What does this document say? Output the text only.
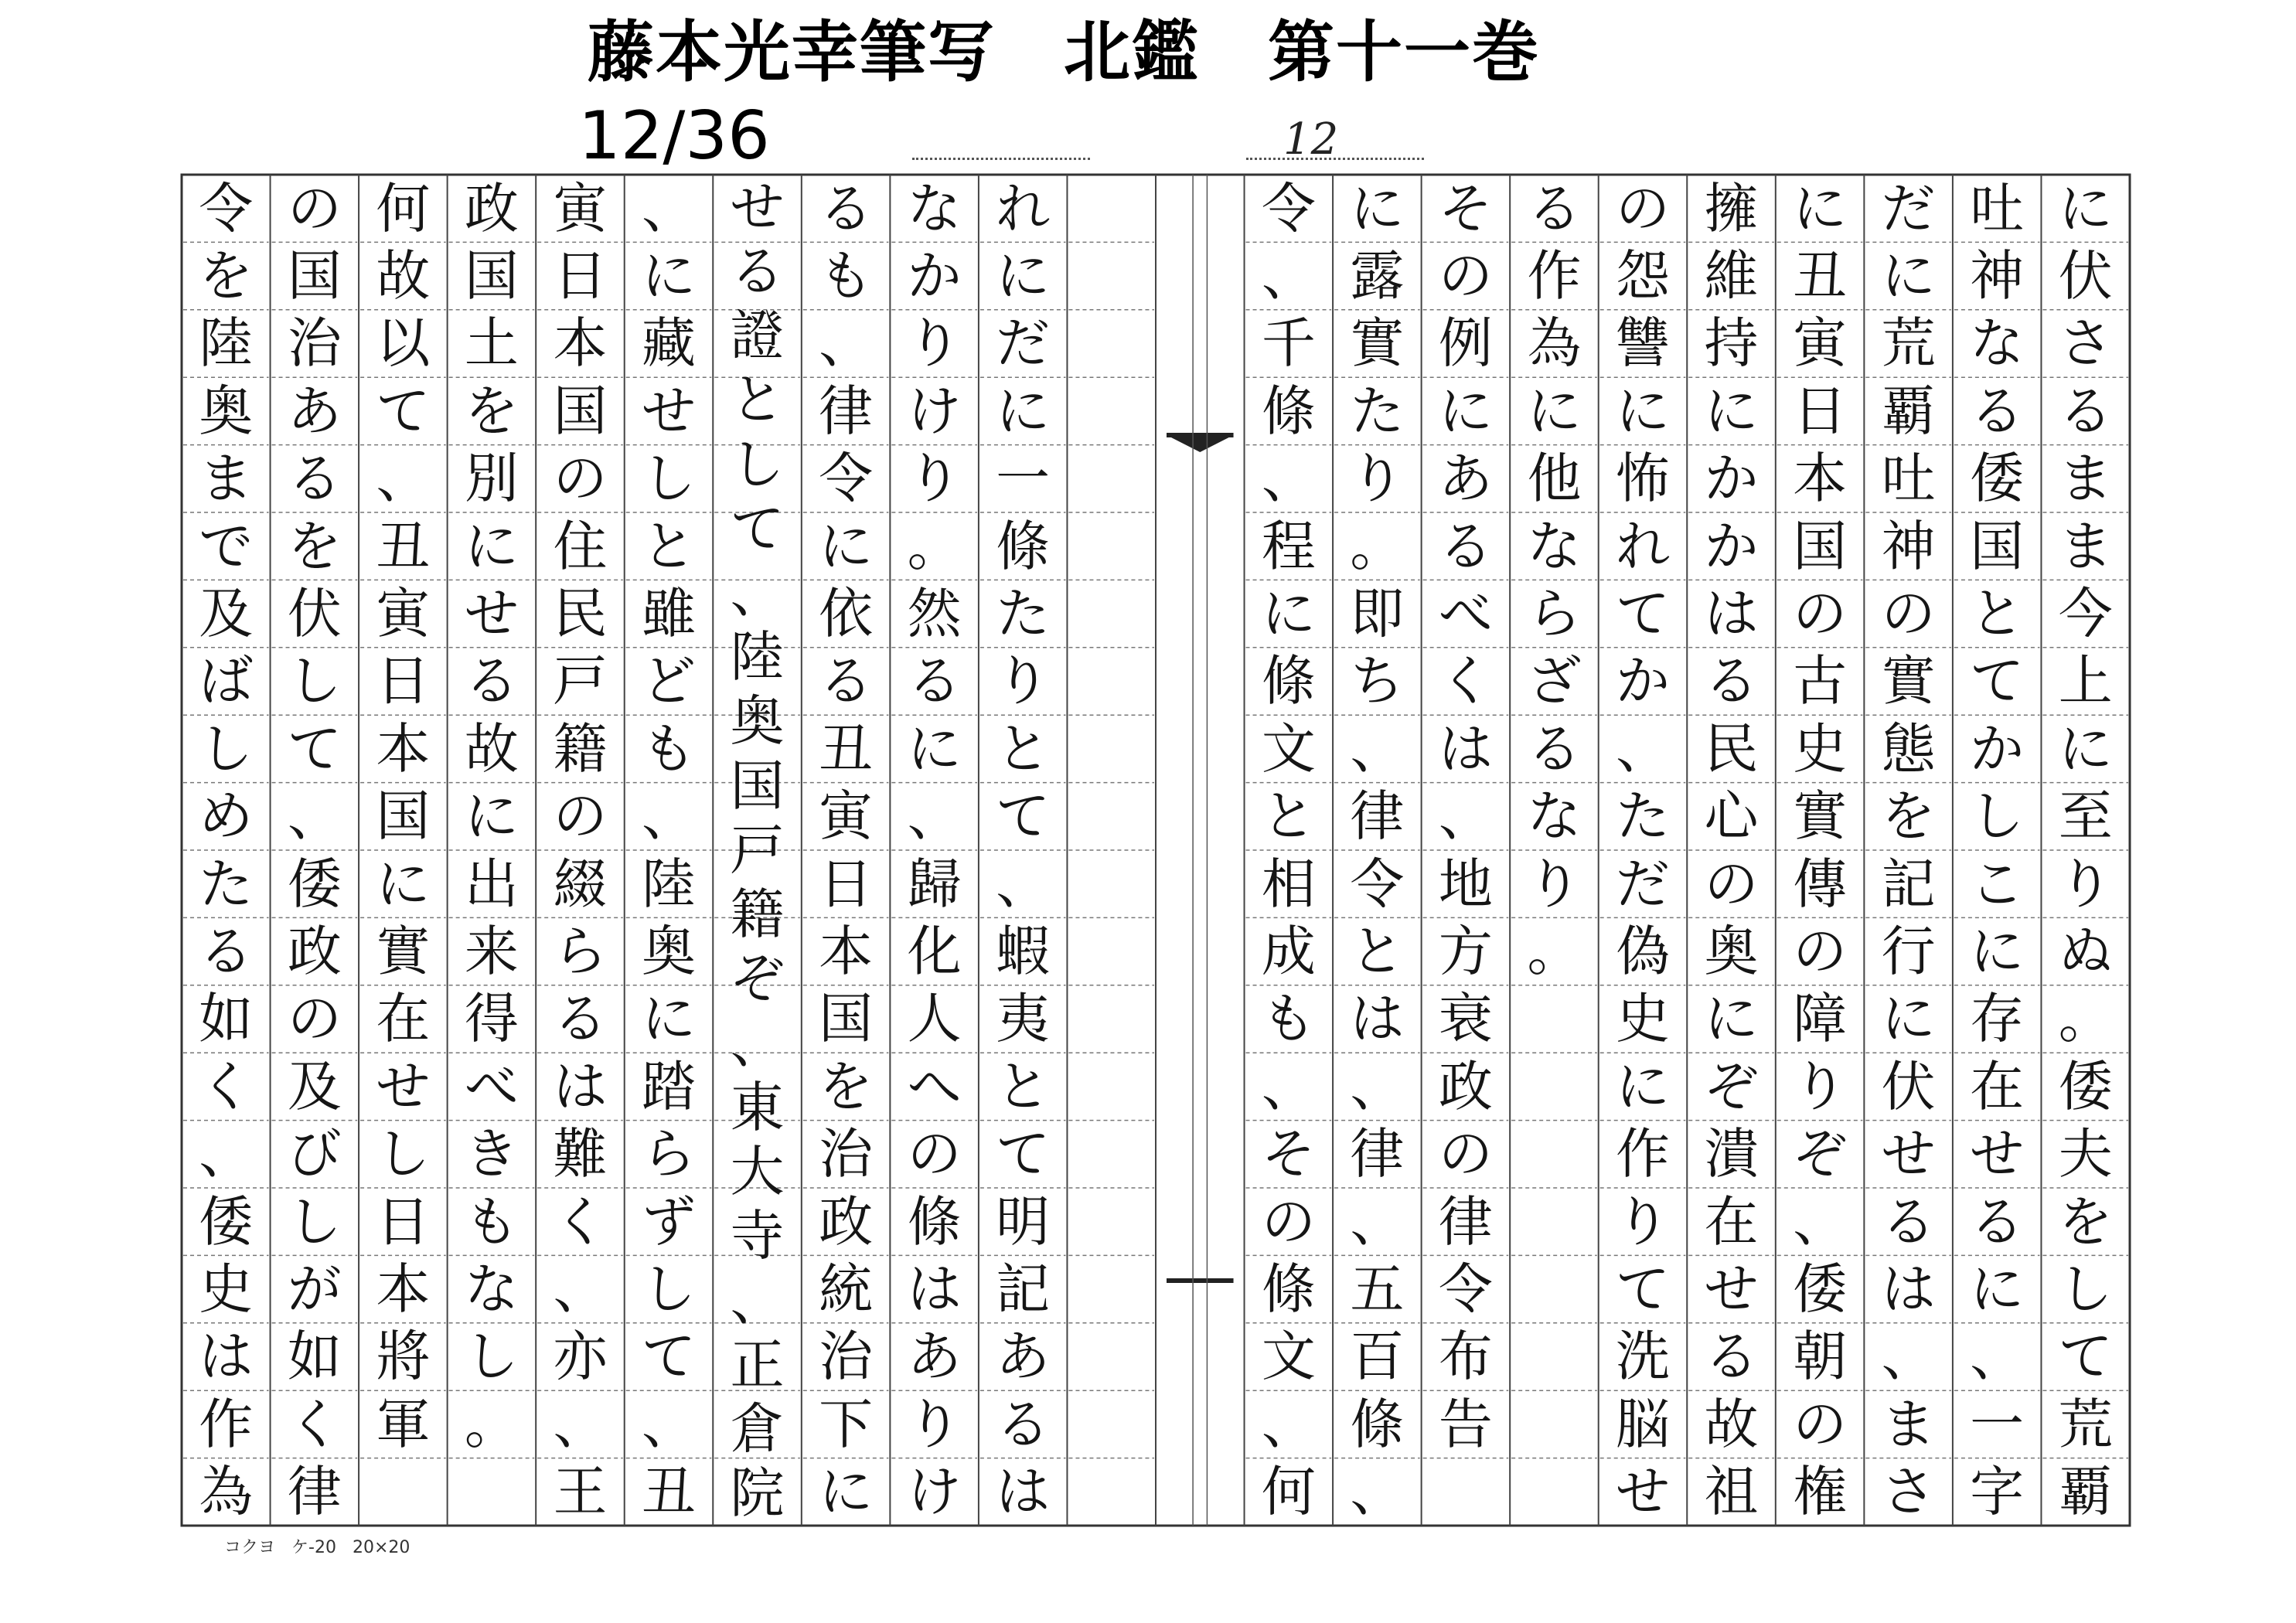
藤本光幸筆写　北鑑　第十一巻
12/36	12
に
伏
さ
る
ま
ま
今
上
に
至
り
ぬ
。
倭
夫
を
し
て
荒
覇
吐
神
な
る
倭
国
と
て
か
し
こ
に
存
在
せ
る
に
、
一
字
だ
に
荒
覇
吐
神
の
實
態
を
記
行
に
伏
せ
る
は
、
ま
さ
に
丑
寅
日
本
国
の
古
史
實
傳
の
障
り
ぞ
、
倭
朝
の
権
擁
維
持
に
か
か
は
る
民
心
の
奥
に
ぞ
潰
在
せ
る
故
祖
の
怨
讐
に
怖
れ
て
か
、
た
だ
偽
史
に
作
り
て
洗
脳
せ
る
作
為
に
他
な
ら
ざ
る
な
り
。
そ
の
例
に
あ
る
べ
く
は
、
地
方
衰
政
の
律
令
布
告
に
露
實
た
り
。
即
ち
、
律
令
と
は
、
律
、
五
百
條
、
令
、
千
條
、
程
に
條
文
と
相
成
も
、
そ
の
條
文
、
何
れ
に
だ
に
一
條
た
り
と
て
、
蝦
夷
と
て
明
記
あ
る
は
な
か
り
け
り
。
然
る
に
、
歸
化
人
へ
の
條
は
あ
り
け
る
も
、
律
令
に
依
る
丑
寅
日
本
国
を
治
政
統
治
下
に
せ
る
證
と
し
て
、
陸
奥
国
戸
籍
ぞ
、
東
大
寺
、
正
倉
院
、
に
藏
せ
し
と
雖
ど
も
、
陸
奥
に
踏
ら
ず
し
て
、
丑
寅
日
本
国
の
住
民
戸
籍
の
綴
ら
る
は
難
く
、
亦
、
王
政
国
土
を
別
に
せ
る
故
に
出
来
得
べ
き
も
な
し
。
何
故
以
て
、
丑
寅
日
本
国
に
實
在
せ
し
日
本
將
軍
の
国
治
あ
る
を
伏
し
て
、
倭
政
の
及
び
し
が
如
く
律
令
を
陸
奥
ま
で
及
ば
し
め
た
る
如
く
、
倭
史
は
作
為
コクヨ ケ-20 20×20
